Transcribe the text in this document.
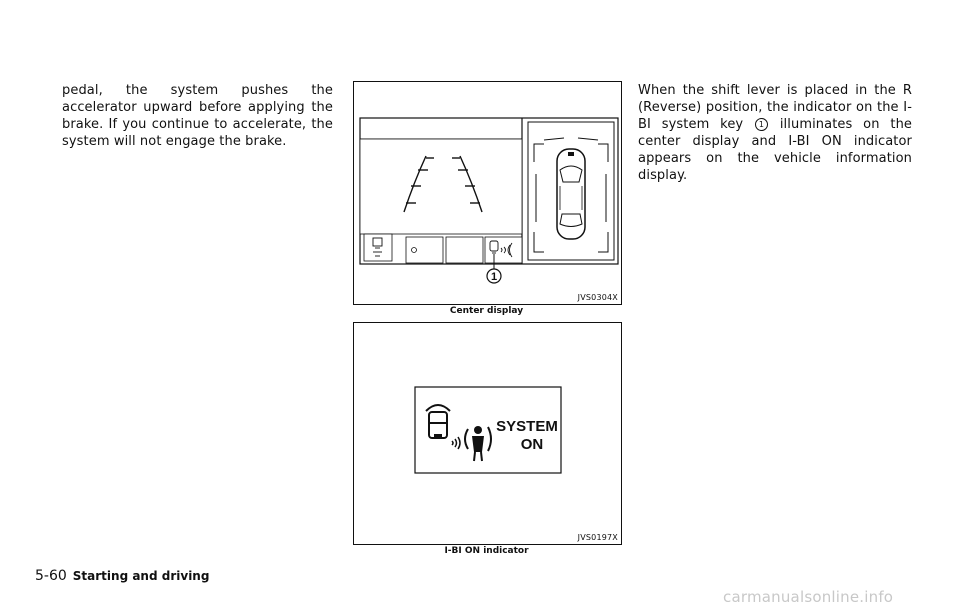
pedal, the system pushes the accelerator upward before applying the brake. If you continue to accelerate, the system will not engage the brake.
1
JVS0304X
Center display
SYSTEM
ON
JVS0197X
I-BI ON indicator
When the shift lever is placed in the R (Reverse) position, the indicator on the I-BI system key 1 illuminates on the center display and I-BI ON indicator appears on the vehicle information display.
5-60 Starting and driving
carmanualsonline.info
